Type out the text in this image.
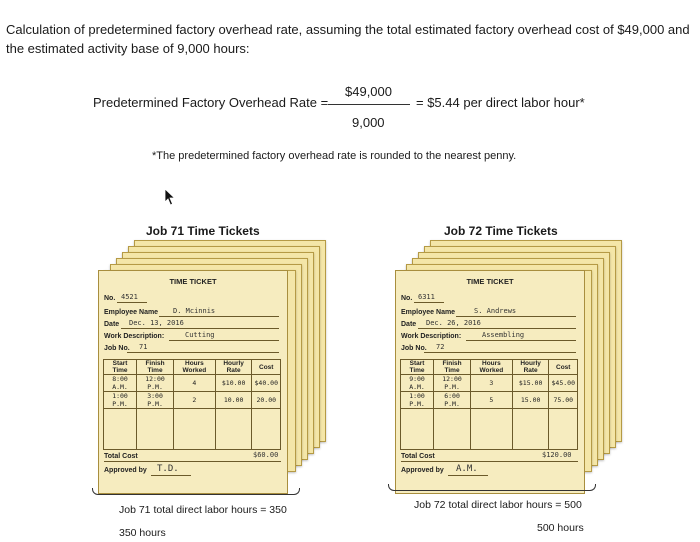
Calculation of predetermined factory overhead rate, assuming the total estimated factory overhead cost of $49,000 and the estimated activity base of 9,000 hours:
Predetermined Factory Overhead Rate =
$49,000
9,000
= $5.44 per direct labor hour*
*The predetermined factory overhead rate is rounded to the nearest penny.
Job 71 Time Tickets
TIME TICKET
No. 4521
Employee Name D. Mcinnis
Date Dec. 13, 2016
Work Description:	Cutting
Job No. 71
Start Time	Finish Time	Hours Worked	Hourly Rate	Cost
8:00 A.M.	12:00 P.M.	4	$10.00	$40.00
1:00 P.M.	3:00 P.M.	2	10.00	20.00

Total Cost	$60.00
Approved by T.D.
Job 71 total direct labor hours = 350
350 hours
Job 72 Time Tickets
TIME TICKET
No. 6311
Employee Name	S. Andrews
Date Dec. 26, 2016
Work Description:	Assembling
Job No. 72
Start Time	Finish Time	Hours Worked	Hourly Rate	Cost
9:00 A.M.	12:00 P.M.	3	$15.00	$45.00
1:00 P.M.	6:00 P.M.	5	15.00	75.00

Total Cost	$120.00
Approved by A.M.
Job 72 total direct labor hours = 500
500 hours
